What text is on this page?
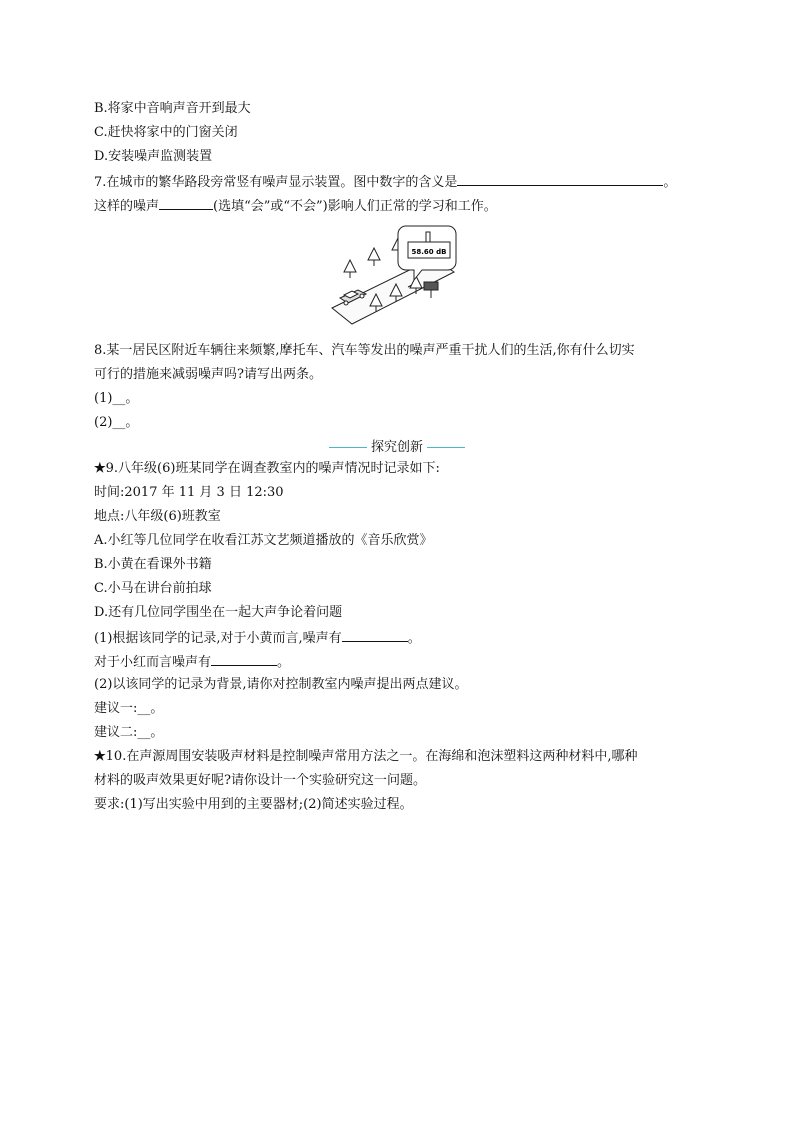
B.将家中音响声音开到最大
C.赶快将家中的门窗关闭
D.安装噪声监测装置
7.在城市的繁华路段旁常竖有噪声显示装置。图中数字的含义是	。
这样的噪声	(选填“会”或“不会”)影响人们正常的学习和工作。
58.60 dB
8.某一居民区附近车辆往来频繁,摩托车、汽车等发出的噪声严重干扰人们的生活,你有什么切实
可行的措施来减弱噪声吗?请写出两条。
(1)__。
(2)__。
探究创新
★9.八年级(6)班某同学在调查教室内的噪声情况时记录如下:
时间:2017 年 11 月 3 日 12:30
地点:八年级(6)班教室
A.小红等几位同学在收看江苏文艺频道播放的《音乐欣赏》
B.小黄在看课外书籍
C.小马在讲台前拍球
D.还有几位同学围坐在一起大声争论着问题
(1)根据该同学的记录,对于小黄而言,噪声有	。
对于小红而言噪声有	。
(2)以该同学的记录为背景,请你对控制教室内噪声提出两点建议。
建议一:__。
建议二:__。
★10.在声源周围安装吸声材料是控制噪声常用方法之一。在海绵和泡沫塑料这两种材料中,哪种
材料的吸声效果更好呢?请你设计一个实验研究这一问题。
要求:(1)写出实验中用到的主要器材;(2)简述实验过程。
